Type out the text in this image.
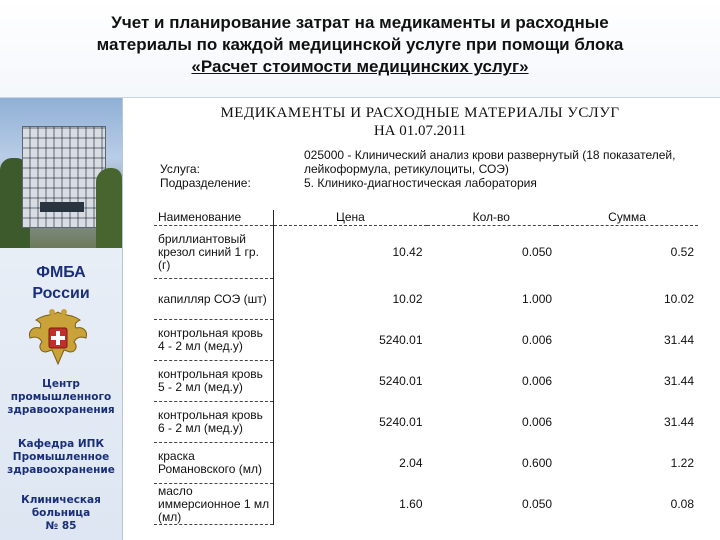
Учет и планирование затрат на медикаменты и расходные
материалы по каждой медицинской услуге при помощи блока
«Расчет стоимости медицинских услуг»
ФМБА
России
Центр
промышленного
здравоохранения
Кафедра ИПК
Промышленное
здравоохранение
Клиническая
больница
№ 85
МЕДИКАМЕНТЫ И РАСХОДНЫЕ МАТЕРИАЛЫ УСЛУГ
НА 01.07.2011
Услуга:
025000 - Клинический анализ крови развернутый (18 показателей, лейкоформула, ретикулоциты, СОЭ)
Подразделение:	5. Клинико-диагностическая лаборатория
Наименование	Цена	Кол-во	Сумма
бриллиантовый крезол синий 1 гр. (г)	10.42	0.050	0.52
капилляр СОЭ (шт)	10.02	1.000	10.02
контрольная кровь 4 - 2 мл (мед.у)	5240.01	0.006	31.44
контрольная кровь 5 - 2 мл (мед.у)	5240.01	0.006	31.44
контрольная кровь 6 - 2 мл (мед.у)	5240.01	0.006	31.44
краска Романовского (мл)	2.04	0.600	1.22
масло иммерсионное 1 мл (мл)	1.60	0.050	0.08
